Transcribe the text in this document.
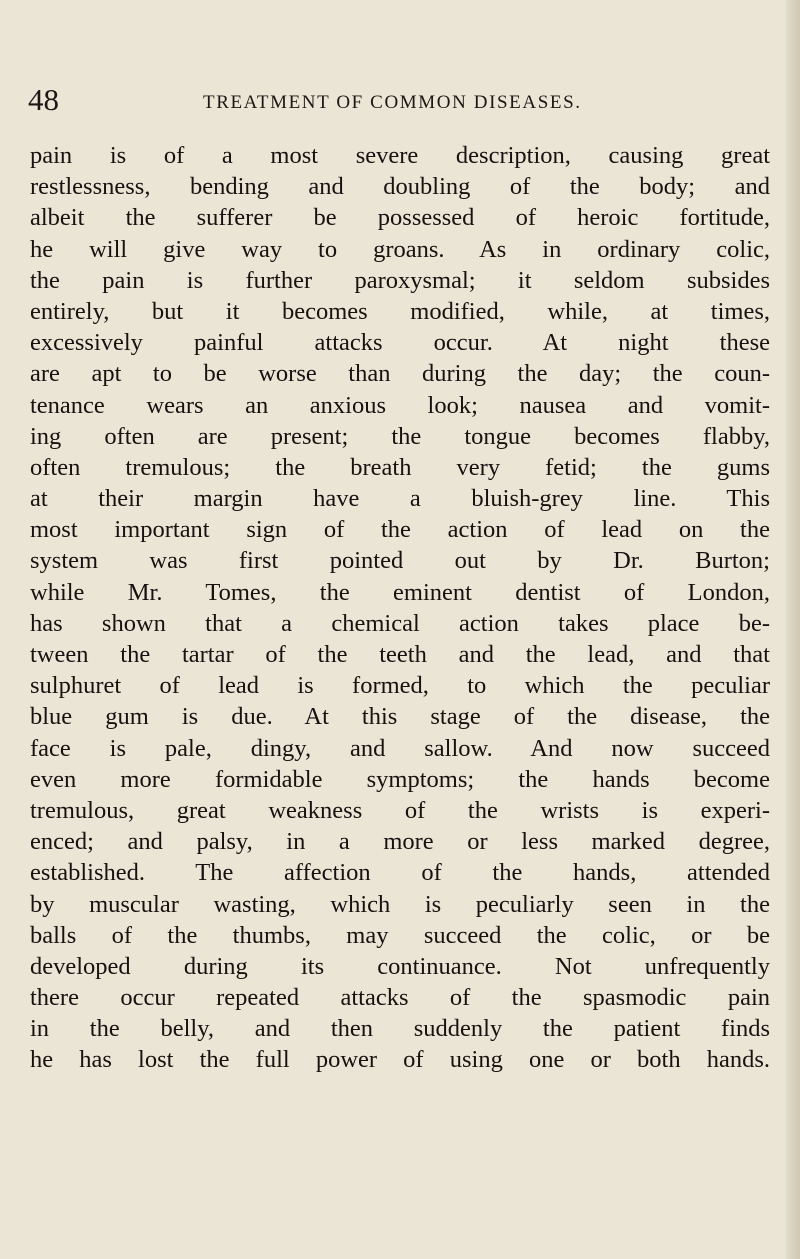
48	TREATMENT OF COMMON DISEASES.
pain is of a most severe description, causing great
restlessness, bending and doubling of the body; and
albeit the sufferer be possessed of heroic fortitude,
he will give way to groans. As in ordinary colic,
the pain is further paroxysmal; it seldom subsides
entirely, but it becomes modified, while, at times,
excessively painful attacks occur. At night these
are apt to be worse than during the day; the coun-
tenance wears an anxious look; nausea and vomit-
ing often are present; the tongue becomes flabby,
often tremulous; the breath very fetid; the gums
at their margin have a bluish-grey line. This
most important sign of the action of lead on the
system was first pointed out by Dr. Burton;
while Mr. Tomes, the eminent dentist of London,
has shown that a chemical action takes place be-
tween the tartar of the teeth and the lead, and that
sulphuret of lead is formed, to which the peculiar
blue gum is due. At this stage of the disease, the
face is pale, dingy, and sallow. And now succeed
even more formidable symptoms; the hands become
tremulous, great weakness of the wrists is experi-
enced; and palsy, in a more or less marked degree,
established. The affection of the hands, attended
by muscular wasting, which is peculiarly seen in the
balls of the thumbs, may succeed the colic, or be
developed during its continuance. Not unfrequently
there occur repeated attacks of the spasmodic pain
in the belly, and then suddenly the patient finds
he has lost the full power of using one or both hands.
